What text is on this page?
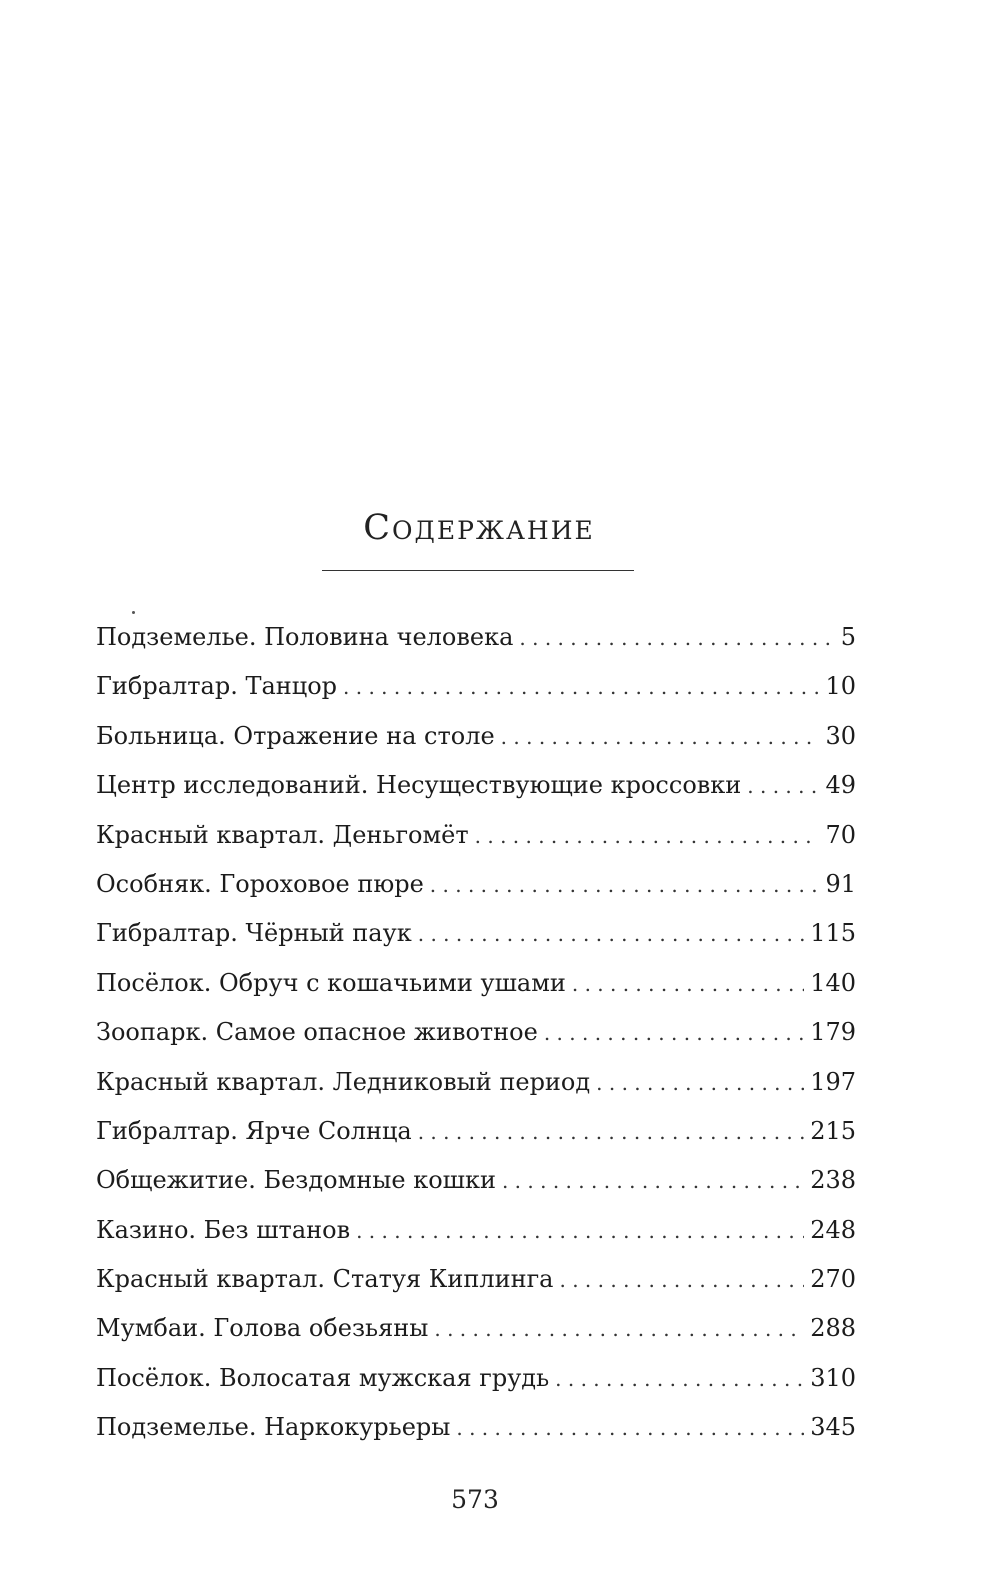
Содержание
Подземелье. Половина человека . . .	5
Гибралтар. Танцор . . .	10
Больница. Отражение на столе . . .	30
Центр исследований. Несуществующие кроссовки . . .	49
Красный квартал. Деньгомёт . . .	70
Особняк. Гороховое пюре . . .	91
Гибралтар. Чёрный паук . . .	115
Посёлок. Обруч с кошачьими ушами . . .	140
Зоопарк. Самое опасное животное . . .	179
Красный квартал. Ледниковый период . . .	197
Гибралтар. Ярче Солнца . . .	215
Общежитие. Бездомные кошки . . .	238
Казино. Без штанов . . .	248
Красный квартал. Статуя Киплинга . . .	270
Мумбаи. Голова обезьяны . . .	288
Посёлок. Волосатая мужская грудь . . .	310
Подземелье. Наркокурьеры . . .	345
573
